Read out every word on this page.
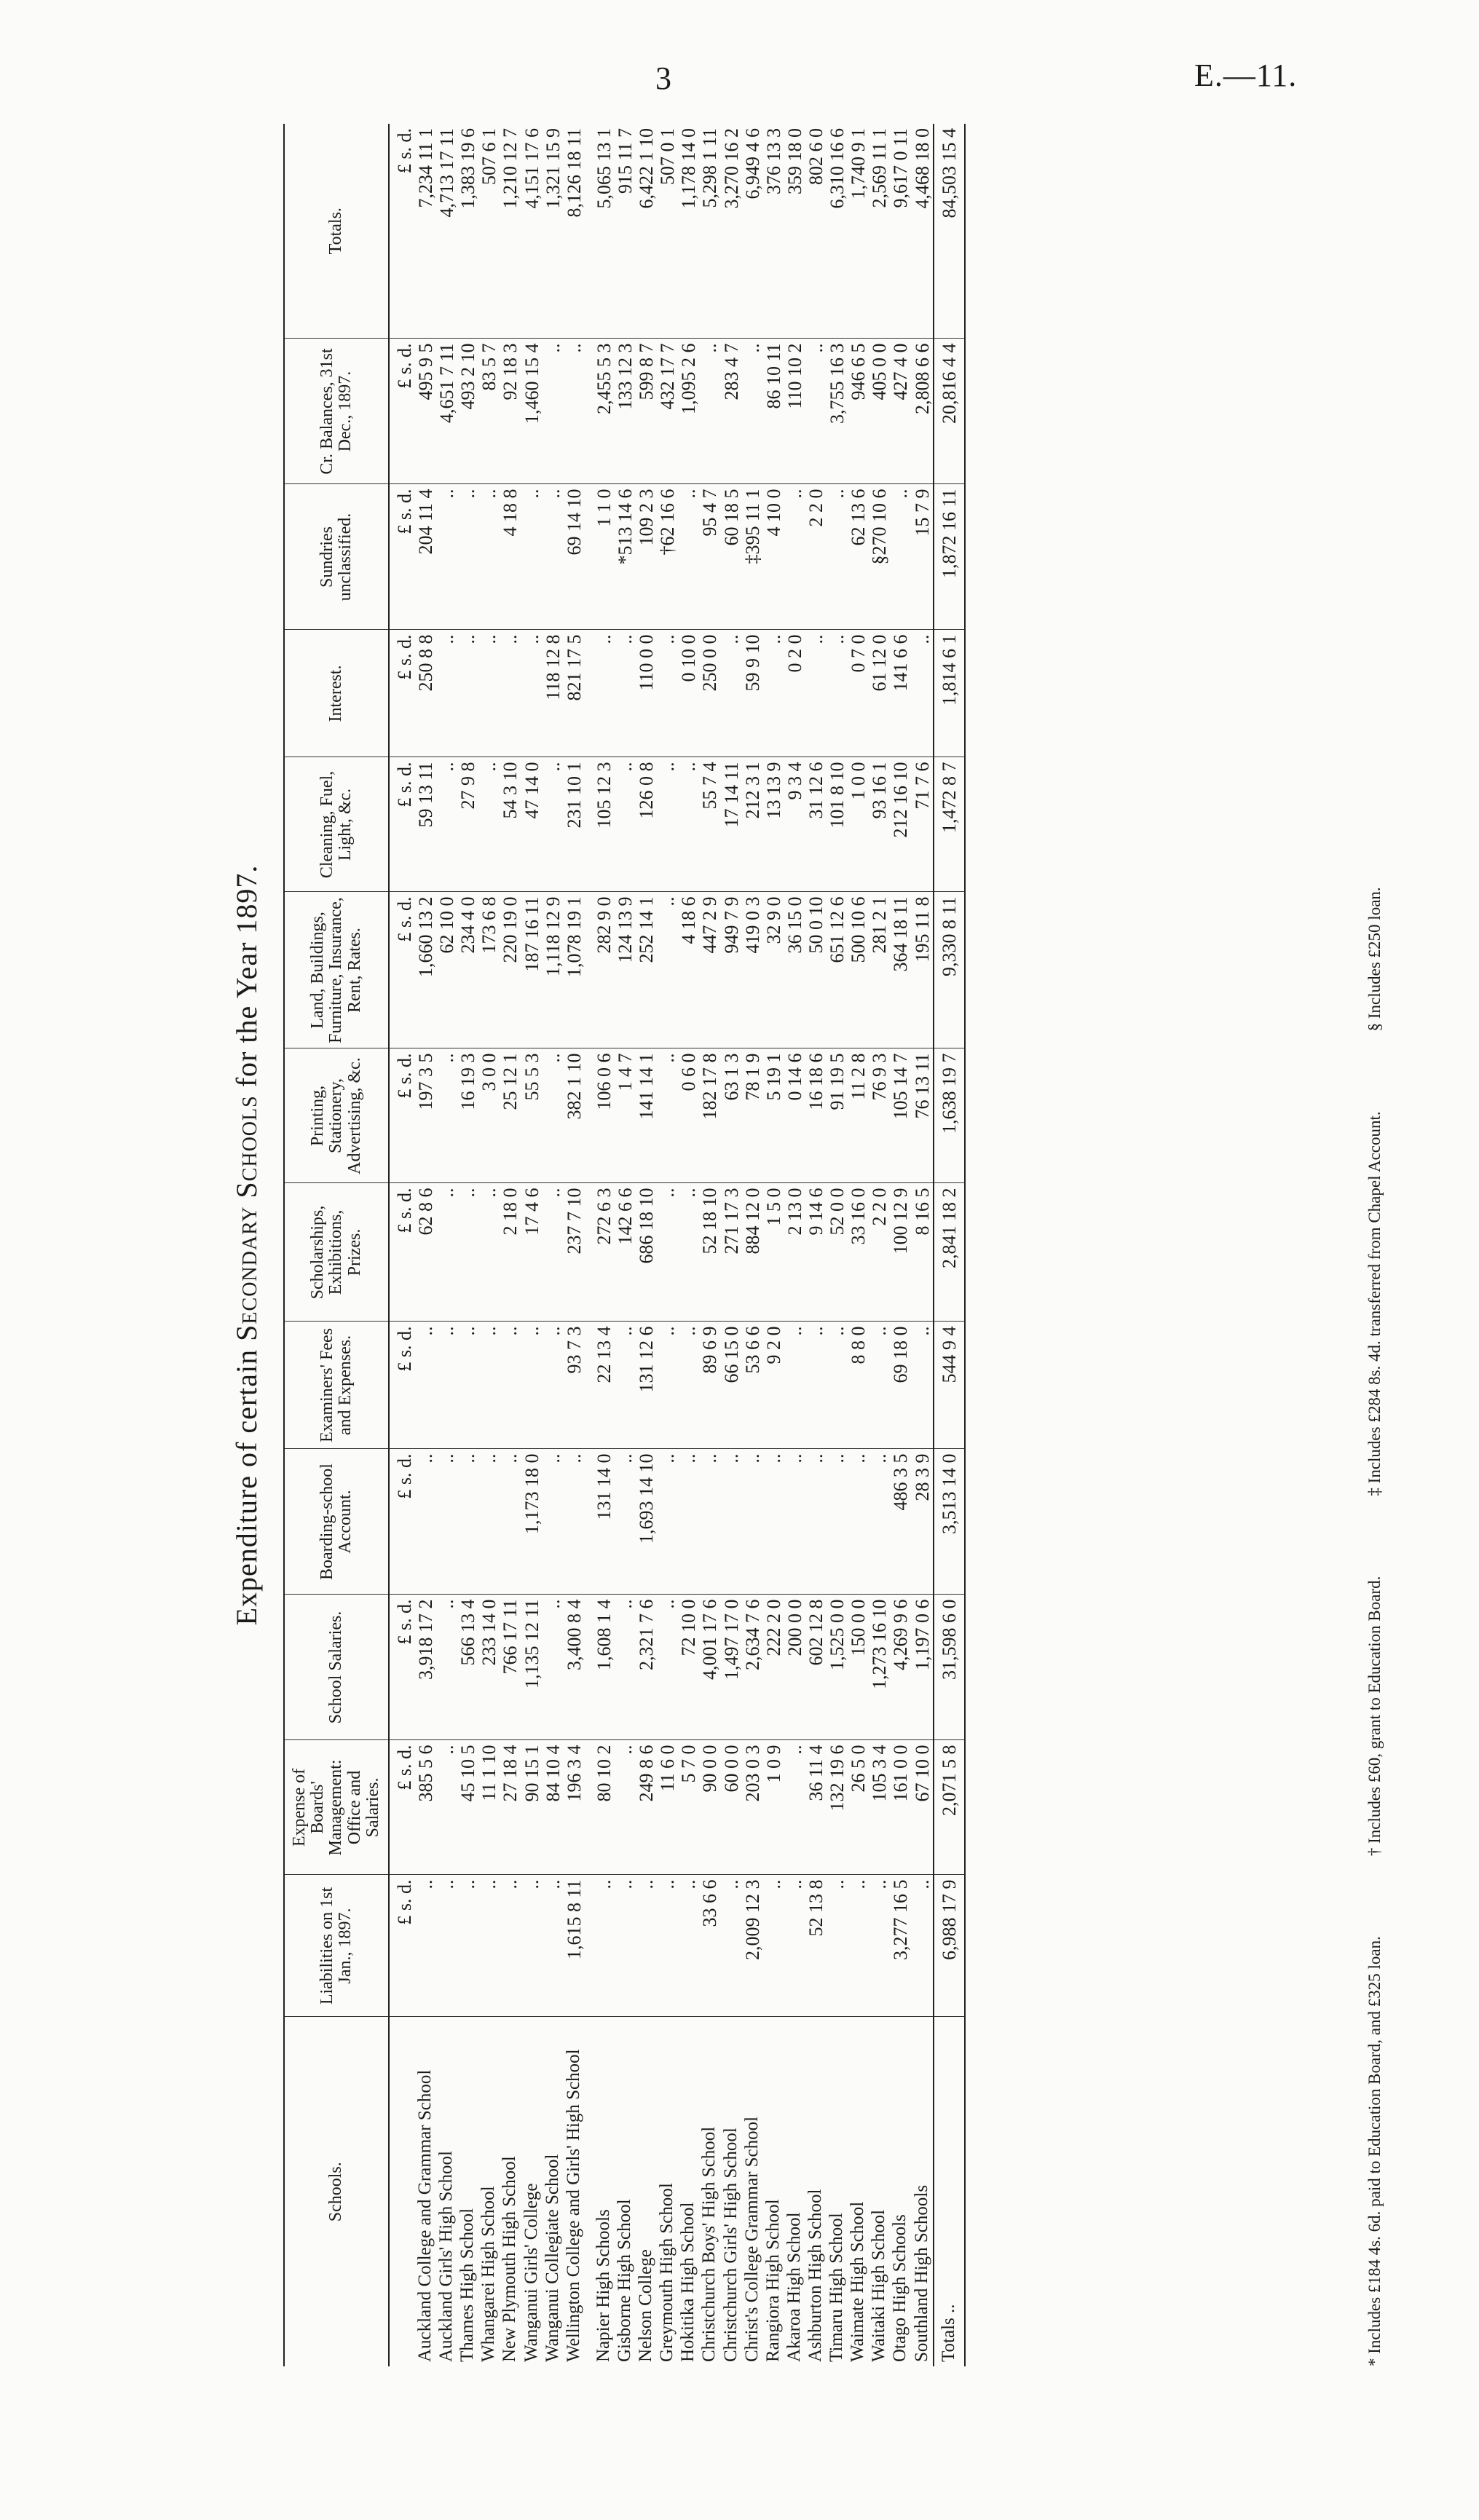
3	E.—11.
Expenditure of certain Secondary Schools for the Year 1897.
Schools.	Liabilities on 1st Jan., 1897.	Expense of Boards' Management: Office and Salaries.	School Salaries.	Boarding-school Account.	Examiners' Fees and Expenses.	Scholarships, Exhibitions, Prizes.	Printing, Stationery, Advertising, &c.	Land, Buildings, Furniture, Insurance, Rent, Rates.	Cleaning, Fuel, Light, &c.	Interest.	Sundries unclassified.	Cr. Balances, 31st Dec., 1897.	Totals.
	£ s. d.	£ s. d.	£ s. d.	£ s. d.	£ s. d.	£ s. d.	£ s. d.	£ s. d.	£ s. d.	£ s. d.	£ s. d.	£ s. d.	£ s. d.
Auckland College and Grammar School	..	385 5 6	3,918 17 2	..	..	62 8 6	197 3 5	1,660 13 2	59 13 11	250 8 8	204 11 4	495 9 5	7,234 11 1
Auckland Girls' High School	..	..	..	..	..	..	..	62 10 0	..	..	..	4,651 7 11	4,713 17 11
Thames High School	..	45 10 5	566 13 4	..	..	..	16 19 3	234 4 0	27 9 8	..	..	493 2 10	1,383 19 6
Whangarei High School	..	11 1 10	233 14 0	..	..	..	3 0 0	173 6 8	..	..	..	83 5 7	507 6 1
New Plymouth High School	..	27 18 4	766 17 11	..	..	2 18 0	25 12 1	220 19 0	54 3 10	..	4 18 8	92 18 3	1,210 12 7
Wanganui Girls' College	..	90 15 1	1,135 12 11	1,173 18 0	..	17 4 6	55 5 3	187 16 11	47 14 0	..	..	1,460 15 4	4,151 17 6
Wanganui Collegiate School	..	84 10 4	..	..	..	..	..	1,118 12 9	..	118 12 8	..	..	1,321 15 9
Wellington College and Girls' High School	1,615 8 11	196 3 4	3,400 8 4	..	93 7 3	237 7 10	382 1 10	1,078 19 1	231 10 1	821 17 5	69 14 10	..	8,126 18 11
Napier High Schools	..	80 10 2	1,608 1 4	131 14 0	22 13 4	272 6 3	106 0 6	282 9 0	105 12 3	..	1 1 0	2,455 5 3	5,065 13 1
Gisborne High School	..	..	..	..	..	142 6 6	1 4 7	124 13 9	..	..	*513 14 6	133 12 3	915 11 7
Nelson College	..	249 8 6	2,321 7 6	1,693 14 10	131 12 6	686 18 10	141 14 1	252 14 1	126 0 8	110 0 0	109 2 3	599 8 7	6,422 1 10
Greymouth High School	..	11 6 0	..	..	..	..	..	..	..	..	†62 16 6	432 17 7	507 0 1
Hokitika High School	..	5 7 0	72 10 0	..	..	..	0 6 0	4 18 6	..	0 10 0	..	1,095 2 6	1,178 14 0
Christchurch Boys' High School	33 6 6	90 0 0	4,001 17 6	..	89 6 9	52 18 10	182 17 8	447 2 9	55 7 4	250 0 0	95 4 7	..	5,298 1 11
Christchurch Girls' High School	..	60 0 0	1,497 17 0	..	66 15 0	271 17 3	63 1 3	949 7 9	17 14 11	..	60 18 5	283 4 7	3,270 16 2
Christ's College Grammar School	2,009 12 3	203 0 3	2,634 7 6	..	53 6 6	884 12 0	78 1 9	419 0 3	212 3 1	59 9 10	‡395 11 1	..	6,949 4 6
Rangiora High School	..	1 0 9	222 2 0	..	9 2 0	1 5 0	5 19 1	32 9 0	13 13 9	..	4 10 0	86 10 11	376 13 3
Akaroa High School	..	..	200 0 0	..	..	2 13 0	0 14 6	36 15 0	9 3 4	0 2 0	..	110 10 2	359 18 0
Ashburton High School	52 13 8	36 11 4	602 12 8	..	..	9 14 6	16 18 6	50 0 10	31 12 6	..	2 2 0	..	802 6 0
Timaru High School	..	132 19 6	1,525 0 0	..	..	52 0 0	91 19 5	651 12 6	101 8 10	..	..	3,755 16 3	6,310 16 6
Waimate High School	..	26 5 0	150 0 0	..	8 8 0	33 16 0	11 2 8	500 10 6	1 0 0	0 7 0	62 13 6	946 6 5	1,740 9 1
Waitaki High School	..	105 3 4	1,273 16 10	..	..	2 2 0	76 9 3	281 2 1	93 16 1	61 12 0	§270 10 6	405 0 0	2,569 11 1
Otago High Schools	3,277 16 5	161 0 0	4,269 9 6	486 3 5	69 18 0	100 12 9	105 14 7	364 18 11	212 16 10	141 6 6	..	427 4 0	9,617 0 11
Southland High Schools	..	67 10 0	1,197 0 6	28 3 9	..	8 16 5	76 13 11	195 11 8	71 7 6	..	15 7 9	2,808 6 6	4,468 18 0
Totals ..	6,988 17 9	2,071 5 8	31,598 6 0	3,513 14 0	544 9 4	2,841 18 2	1,638 19 7	9,330 8 11	1,472 8 7	1,814 6 1	1,872 16 11	20,816 4 4	84,503 15 4
* Includes £184 4s. 6d. paid to Education Board, and £325 loan.
† Includes £60, grant to Education Board.
‡ Includes £284 8s. 4d. transferred from Chapel Account.
§ Includes £250 loan.
